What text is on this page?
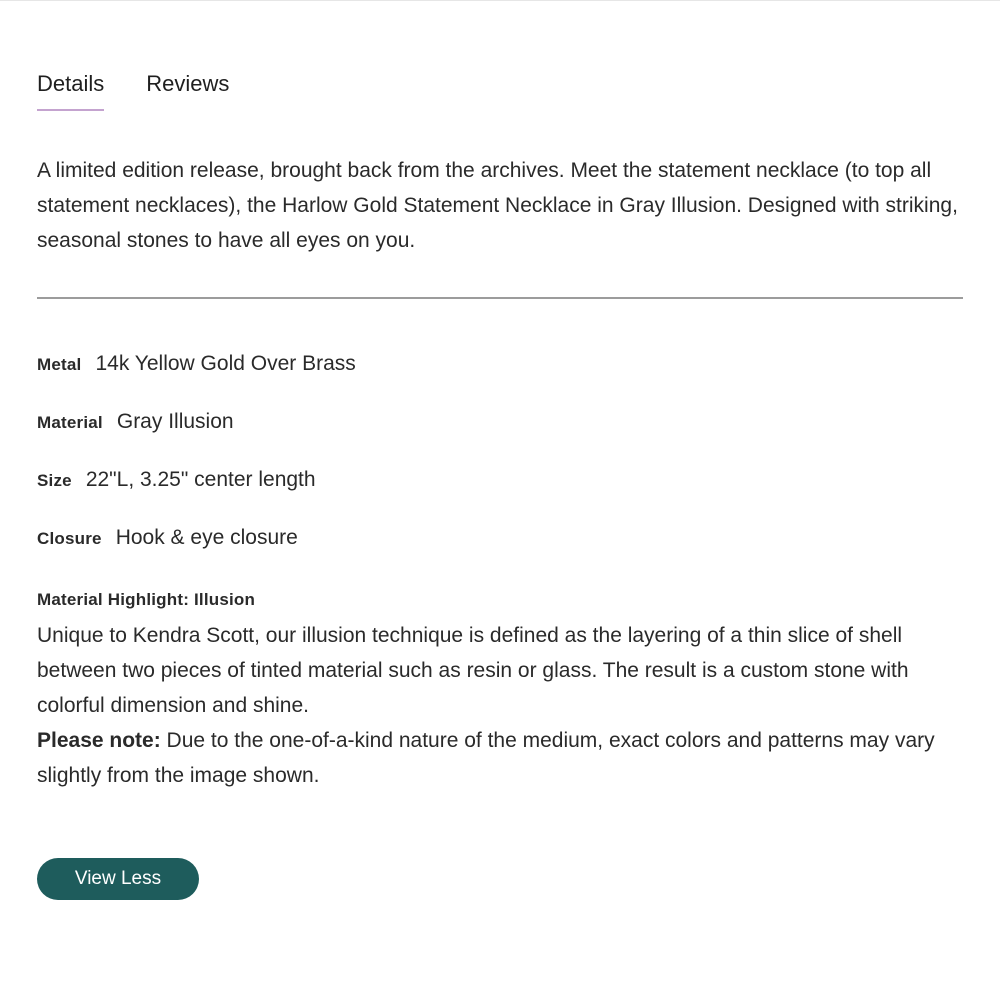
Details Reviews

A limited edition release, brought back from the archives. Meet the statement necklace (to top all statement necklaces), the Harlow Gold Statement Necklace in Gray Illusion. Designed with striking, seasonal stones to have all eyes on you.

Metal 14k Yellow Gold Over Brass
Material Gray Illusion
Size 22"L, 3.25" center length
Closure Hook & eye closure
Material Highlight: Illusion

Unique to Kendra Scott, our illusion technique is defined as the layering of a thin slice of shell between two pieces of tinted material such as resin or glass. The result is a custom stone with colorful dimension and shine.

Please note: Due to the one-of-a-kind nature of the medium, exact colors and patterns may vary slightly from the image shown.

View Less
